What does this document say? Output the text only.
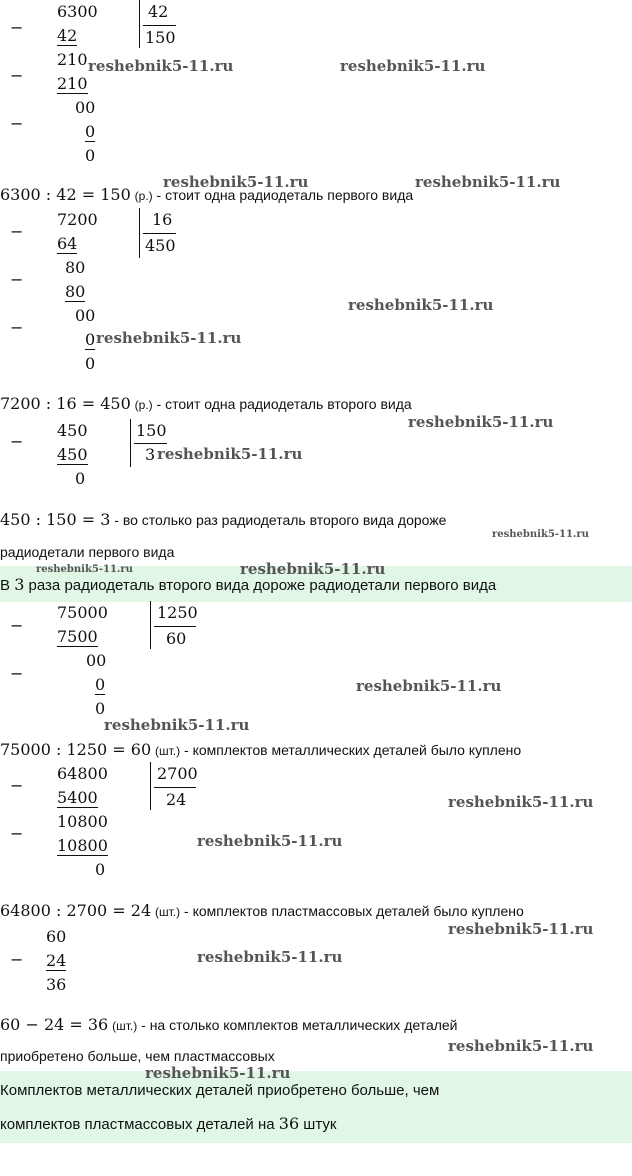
−
−
−
6300
42
210
210
00
0
0
42
150
6300 : 42 = 150 (р.) - стоит одна радиодеталь первого вида
−
−
−
7200
64
80
80
00
0
0
16
450
7200 : 16 = 450 (р.) - стоит одна радиодеталь второго вида
−
450
450
0
150
3
450 : 150 = 3 - во столько раз радиодеталь второго вида дороже
радиодетали первого вида
В 3 раза радиодеталь второго вида дороже радиодетали первого вида
−
−
75000
7500
00
0
0
1250
60
75000 : 1250 = 60 (шт.) - комплектов металлических деталей было куплено
−
−
64800
5400
10800
10800
0
2700
24
64800 : 2700 = 24 (шт.) - комплектов пластмассовых деталей было куплено
−
60
24
36
60 − 24 = 36 (шт.) - на столько комплектов металлических деталей
приобретено больше, чем пластмассовых
Комплектов металлических деталей приобретено больше, чем
комплектов пластмассовых деталей на 36 штук
reshebnik5-11.ru	reshebnik5-11.ru
reshebnik5-11.ru	reshebnik5-11.ru
reshebnik5-11.ru
reshebnik5-11.ru
reshebnik5-11.ru
reshebnik5-11.ru
reshebnik5-11.ru
reshebnik5-11.ru	reshebnik5-11.ru
reshebnik5-11.ru
reshebnik5-11.ru
reshebnik5-11.ru
reshebnik5-11.ru
reshebnik5-11.ru
reshebnik5-11.ru
reshebnik5-11.ru
reshebnik5-11.ru
